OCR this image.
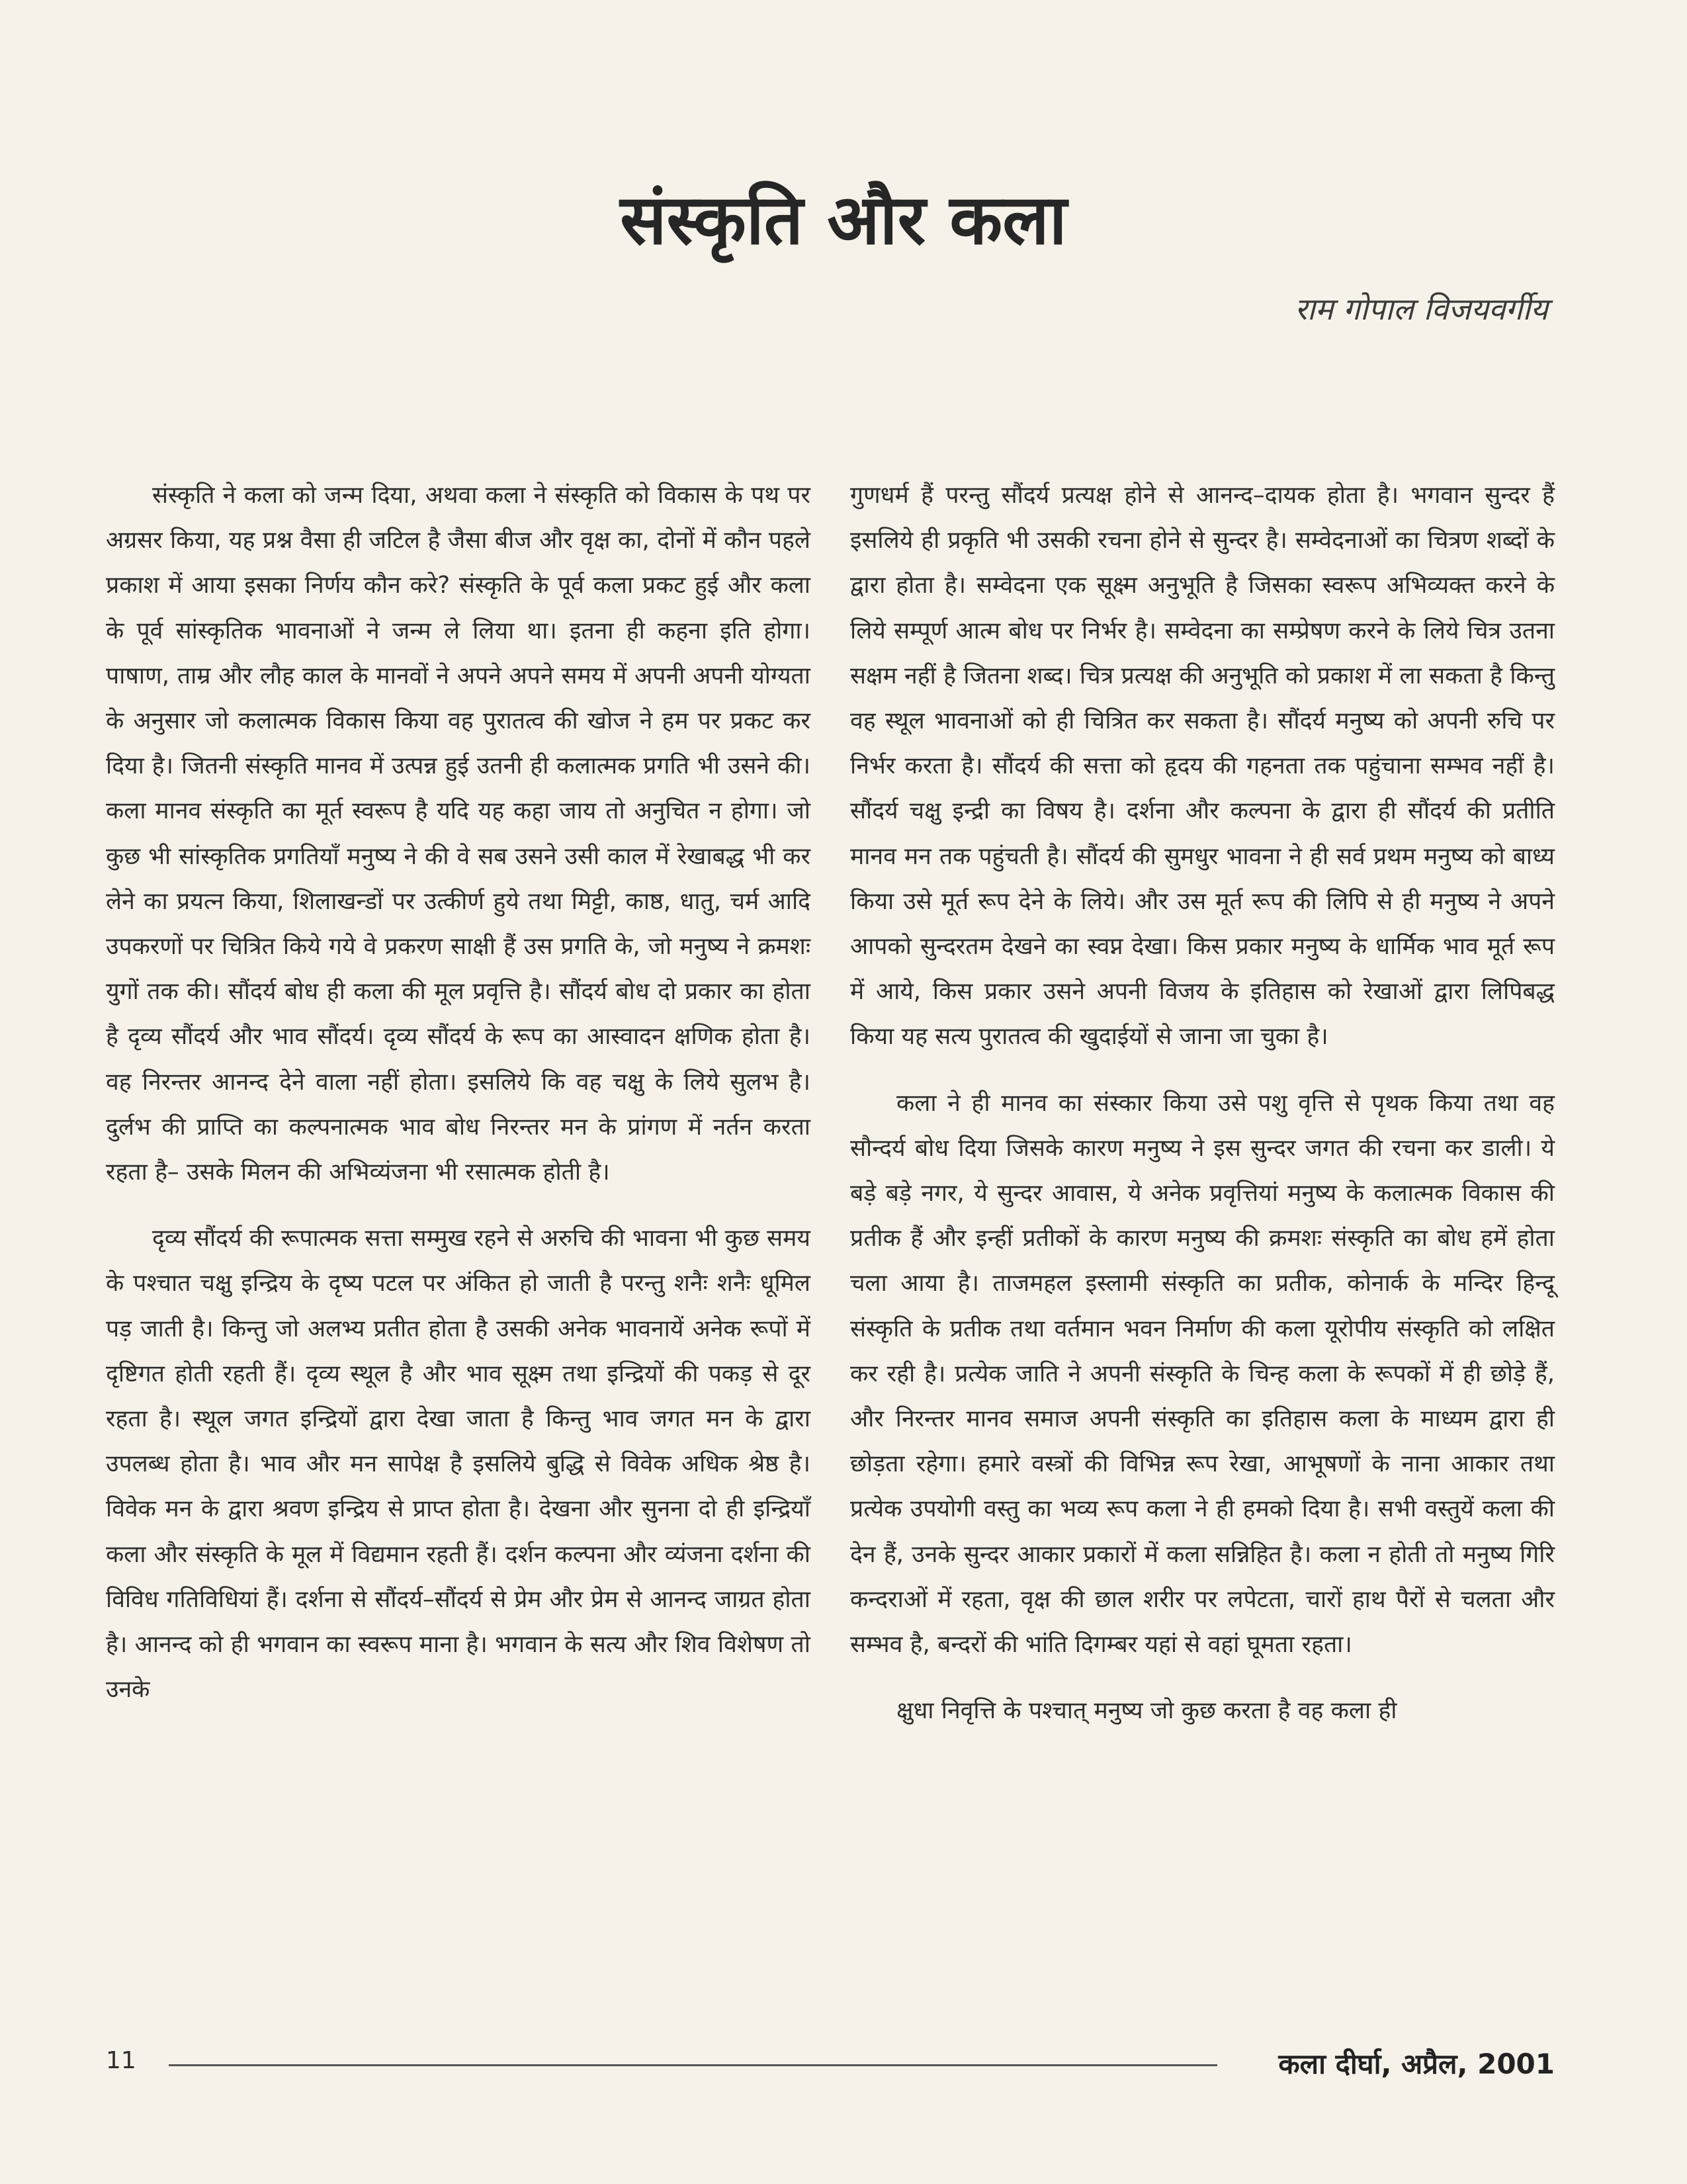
संस्कृति और कला
राम गोपाल विजयवर्गीय

संस्कृति ने कला को जन्म दिया, अथवा कला ने संस्कृति को विकास के पथ पर अग्रसर किया, यह प्रश्न वैसा ही जटिल है जैसा बीज और वृक्ष का, दोनों में कौन पहले प्रकाश में आया इसका निर्णय कौन करे? संस्कृति के पूर्व कला प्रकट हुई और कला के पूर्व सांस्कृतिक भावनाओं ने जन्म ले लिया था। इतना ही कहना इति होगा। पाषाण, ताम्र और लौह काल के मानवों ने अपने अपने समय में अपनी अपनी योग्यता के अनुसार जो कलात्मक विकास किया वह पुरातत्व की खोज ने हम पर प्रकट कर दिया है। जितनी संस्कृति मानव में उत्पन्न हुई उतनी ही कलात्मक प्रगति भी उसने की। कला मानव संस्कृति का मूर्त स्वरूप है यदि यह कहा जाय तो अनुचित न होगा। जो कुछ भी सांस्कृतिक प्रगतियाँ मनुष्य ने की वे सब उसने उसी काल में रेखाबद्ध भी कर लेने का प्रयत्न किया, शिलाखन्डों पर उत्कीर्ण हुये तथा मिट्टी, काष्ठ, धातु, चर्म आदि उपकरणों पर चित्रित किये गये वे प्रकरण साक्षी हैं उस प्रगति के, जो मनुष्य ने क्रमशः युगों तक की। सौंदर्य बोध ही कला की मूल प्रवृत्ति है। सौंदर्य बोध दो प्रकार का होता है दृव्य सौंदर्य और भाव सौंदर्य। दृव्य सौंदर्य के रूप का आस्वादन क्षणिक होता है। वह निरन्तर आनन्द देने वाला नहीं होता। इसलिये कि वह चक्षु के लिये सुलभ है। दुर्लभ की प्राप्ति का कल्पनात्मक भाव बोध निरन्तर मन के प्रांगण में नर्तन करता रहता है– उसके मिलन की अभिव्यंजना भी रसात्मक होती है।

दृव्य सौंदर्य की रूपात्मक सत्ता सम्मुख रहने से अरुचि की भावना भी कुछ समय के पश्चात चक्षु इन्द्रिय के दृष्य पटल पर अंकित हो जाती है परन्तु शनैः शनैः धूमिल पड़ जाती है। किन्तु जो अलभ्य प्रतीत होता है उसकी अनेक भावनायें अनेक रूपों में दृष्टिगत होती रहती हैं। दृव्य स्थूल है और भाव सूक्ष्म तथा इन्द्रियों की पकड़ से दूर रहता है। स्थूल जगत इन्द्रियों द्वारा देखा जाता है किन्तु भाव जगत मन के द्वारा उपलब्ध होता है। भाव और मन सापेक्ष है इसलिये बुद्धि से विवेक अधिक श्रेष्ठ है। विवेक मन के द्वारा श्रवण इन्द्रिय से प्राप्त होता है। देखना और सुनना दो ही इन्द्रियाँ कला और संस्कृति के मूल में विद्यमान रहती हैं। दर्शन कल्पना और व्यंजना दर्शना की विविध गतिविधियां हैं। दर्शना से सौंदर्य–सौंदर्य से प्रेम और प्रेम से आनन्द जाग्रत होता है। आनन्द को ही भगवान का स्वरूप माना है। भगवान के सत्य और शिव विशेषण तो उनके

गुणधर्म हैं परन्तु सौंदर्य प्रत्यक्ष होने से आनन्द–दायक होता है। भगवान सुन्दर हैं इसलिये ही प्रकृति भी उसकी रचना होने से सुन्दर है। सम्वेदनाओं का चित्रण शब्दों के द्वारा होता है। सम्वेदना एक सूक्ष्म अनुभूति है जिसका स्वरूप अभिव्यक्त करने के लिये सम्पूर्ण आत्म बोध पर निर्भर है। सम्वेदना का सम्प्रेषण करने के लिये चित्र उतना सक्षम नहीं है जितना शब्द। चित्र प्रत्यक्ष की अनुभूति को प्रकाश में ला सकता है किन्तु वह स्थूल भावनाओं को ही चित्रित कर सकता है। सौंदर्य मनुष्य को अपनी रुचि पर निर्भर करता है। सौंदर्य की सत्ता को हृदय की गहनता तक पहुंचाना सम्भव नहीं है। सौंदर्य चक्षु इन्द्री का विषय है। दर्शना और कल्पना के द्वारा ही सौंदर्य की प्रतीति मानव मन तक पहुंचती है। सौंदर्य की सुमधुर भावना ने ही सर्व प्रथम मनुष्य को बाध्य किया उसे मूर्त रूप देने के लिये। और उस मूर्त रूप की लिपि से ही मनुष्य ने अपने आपको सुन्दरतम देखने का स्वप्न देखा। किस प्रकार मनुष्य के धार्मिक भाव मूर्त रूप में आये, किस प्रकार उसने अपनी विजय के इतिहास को रेखाओं द्वारा लिपिबद्ध किया यह सत्य पुरातत्व की खुदाईयों से जाना जा चुका है।

कला ने ही मानव का संस्कार किया उसे पशु वृत्ति से पृथक किया तथा वह सौन्दर्य बोध दिया जिसके कारण मनुष्य ने इस सुन्दर जगत की रचना कर डाली। ये बड़े बड़े नगर, ये सुन्दर आवास, ये अनेक प्रवृत्तियां मनुष्य के कलात्मक विकास की प्रतीक हैं और इन्हीं प्रतीकों के कारण मनुष्य की क्रमशः संस्कृति का बोध हमें होता चला आया है। ताजमहल इस्लामी संस्कृति का प्रतीक, कोनार्क के मन्दिर हिन्दू संस्कृति के प्रतीक तथा वर्तमान भवन निर्माण की कला यूरोपीय संस्कृति को लक्षित कर रही है। प्रत्येक जाति ने अपनी संस्कृति के चिन्ह कला के रूपकों में ही छोड़े हैं, और निरन्तर मानव समाज अपनी संस्कृति का इतिहास कला के माध्यम द्वारा ही छोड़ता रहेगा। हमारे वस्त्रों की विभिन्न रूप रेखा, आभूषणों के नाना आकार तथा प्रत्येक उपयोगी वस्तु का भव्य रूप कला ने ही हमको दिया है। सभी वस्तुयें कला की देन हैं, उनके सुन्दर आकार प्रकारों में कला सन्निहित है। कला न होती तो मनुष्य गिरि कन्दराओं में रहता, वृक्ष की छाल शरीर पर लपेटता, चारों हाथ पैरों से चलता और सम्भव है, बन्दरों की भांति दिगम्बर यहां से वहां घूमता रहता।

क्षुधा निवृत्ति के पश्चात् मनुष्य जो कुछ करता है वह कला ही

11	कला दीर्घा, अप्रैल, 2001
